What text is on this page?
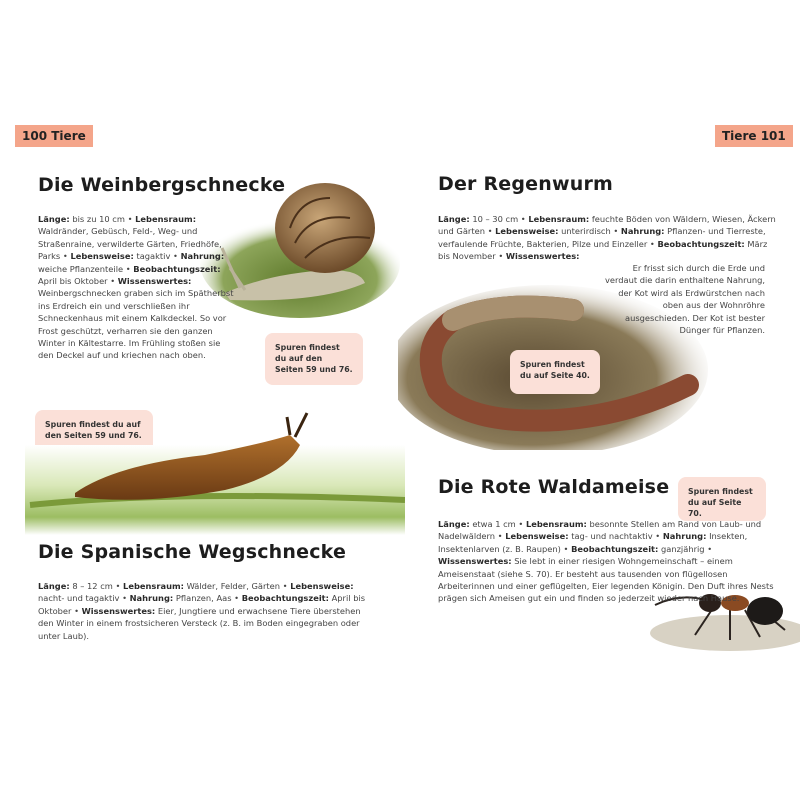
100 Tiere	Tiere 101
Die Weinbergschnecke
Länge: bis zu 10 cm • Lebensraum: Waldränder, Gebüsch, Feld-, Weg- und Straßenraine, verwilderte Gärten, Friedhöfe, Parks • Lebensweise: tagaktiv • Nahrung: weiche Pflanzenteile • Beobachtungszeit: April bis Oktober • Wissenswertes: Weinbergschnecken graben sich im Spätherbst ins Erdreich ein und verschließen ihr Schneckenhaus mit einem Kalkdeckel. So vor Frost geschützt, verharren sie den ganzen Winter in Kältestarre. Im Frühling stoßen sie den Deckel auf und kriechen nach oben.
Spuren findest du auf den Seiten 59 und 76.
Spuren findest du auf den Seiten 59 und 76.
Die Spanische Wegschnecke
Länge: 8 – 12 cm • Lebensraum: Wälder, Felder, Gärten • Lebensweise: nacht- und tagaktiv • Nahrung: Pflanzen, Aas • Beobachtungszeit: April bis Oktober • Wissenswertes: Eier, Jungtiere und erwachsene Tiere überstehen den Winter in einem frostsicheren Versteck (z. B. im Boden eingegraben oder unter Laub).
Der Regenwurm
Länge: 10 – 30 cm • Lebensraum: feuchte Böden von Wäldern, Wiesen, Äckern und Gärten • Lebensweise: unterirdisch • Nahrung: Pflanzen- und Tierreste, verfaulende Früchte, Bakterien, Pilze und Einzeller • Beobachtungszeit: März bis November • Wissenswertes:
Er frisst sich durch die Erde und verdaut die darin enthaltene Nahrung, der Kot wird als Erdwürstchen nach oben aus der Wohnröhre ausgeschieden. Der Kot ist bester Dünger für Pflanzen.
Spuren findest du auf Seite 40.
Die Rote Waldameise	Spuren findest du auf Seite 70.
Länge: etwa 1 cm • Lebensraum: besonnte Stellen am Rand von Laub- und Nadelwäldern • Lebensweise: tag- und nachtaktiv • Nahrung: Insekten, Insektenlarven (z. B. Raupen) • Beobachtungszeit: ganzjährig • Wissenswertes: Sie lebt in einer riesigen Wohngemeinschaft – einem Ameisenstaat (siehe S. 70). Er besteht aus tausenden von flügellosen Arbeiterinnen und einer geflügelten, Eier legenden Königin. Den Duft ihres Nests prägen sich Ameisen gut ein und finden so jederzeit wieder nach Hause.
